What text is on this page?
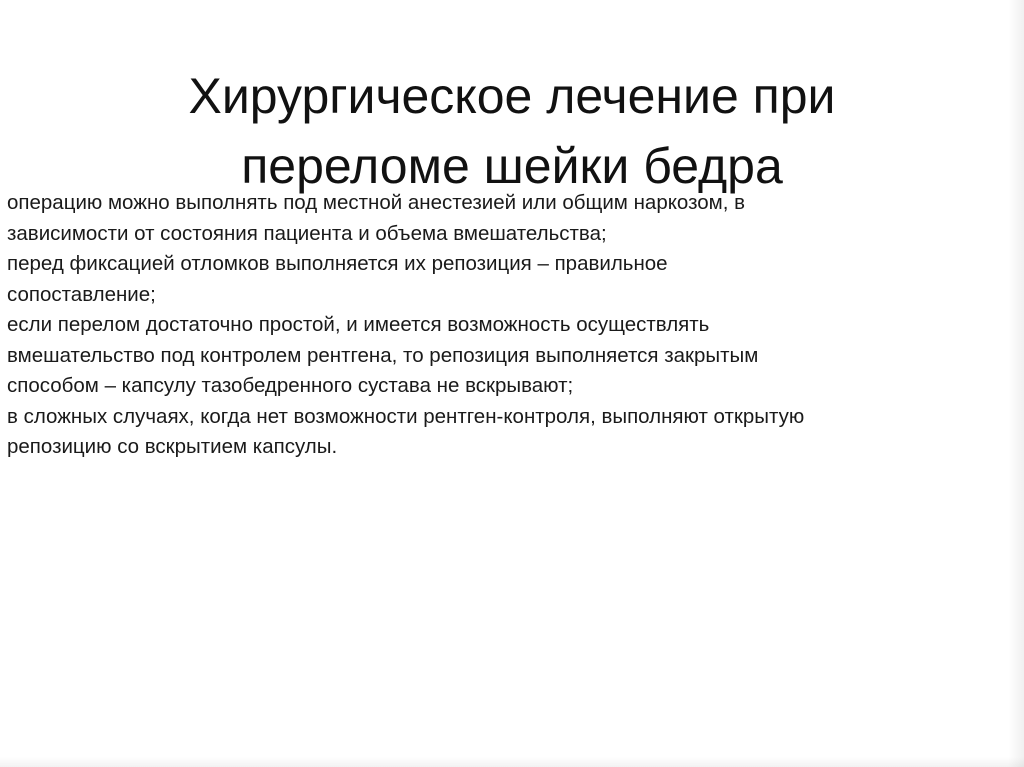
Хирургическое лечение при
переломе шейки бедра
операцию можно выполнять под местной анестезией или общим наркозом, в
зависимости от состояния пациента и объема вмешательства;
перед фиксацией отломков выполняется их репозиция – правильное
сопоставление;
если перелом достаточно простой, и имеется возможность осуществлять
вмешательство под контролем рентгена, то репозиция выполняется закрытым
способом – капсулу тазобедренного сустава не вскрывают;
в сложных случаях, когда нет возможности рентген-контроля, выполняют открытую
репозицию со вскрытием капсулы.
